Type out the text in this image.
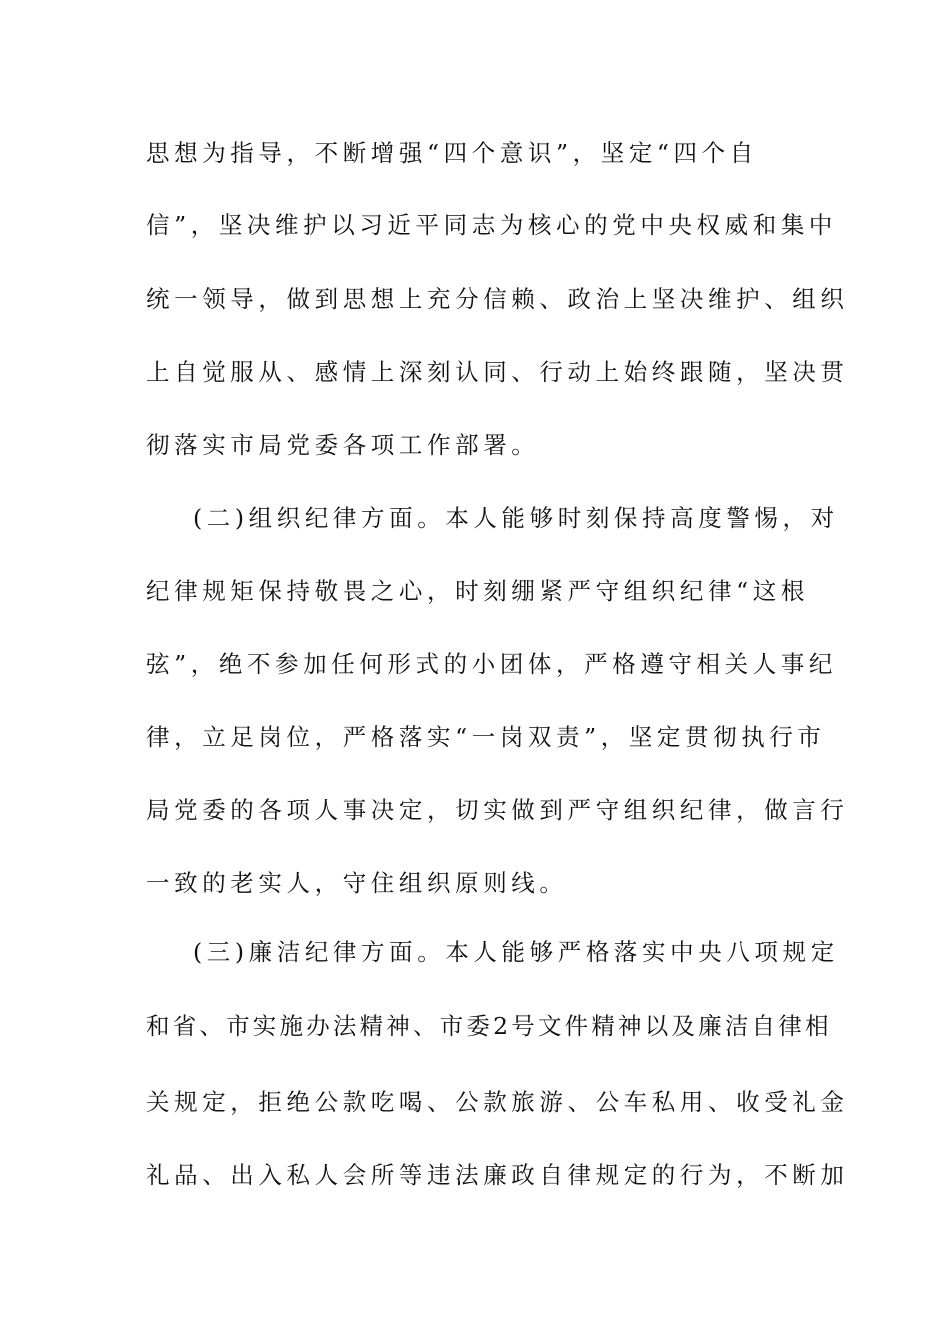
思想为指导，不断增强“四个意识”，坚定“四个自
信”，坚决维护以习近平同志为核心的党中央权威和集中
统一领导，做到思想上充分信赖、政治上坚决维护、组织
上自觉服从、感情上深刻认同、行动上始终跟随，坚决贯
彻落实市局党委各项工作部署。
(二)组织纪律方面。本人能够时刻保持高度警惕，对
纪律规矩保持敬畏之心，时刻绷紧严守组织纪律“这根
弦”，绝不参加任何形式的小团体，严格遵守相关人事纪
律，立足岗位，严格落实“一岗双责”，坚定贯彻执行市
局党委的各项人事决定，切实做到严守组织纪律，做言行
一致的老实人，守住组织原则线。
(三)廉洁纪律方面。本人能够严格落实中央八项规定
和省、市实施办法精神、市委2号文件精神以及廉洁自律相
关规定，拒绝公款吃喝、公款旅游、公车私用、收受礼金
礼品、出入私人会所等违法廉政自律规定的行为，不断加
